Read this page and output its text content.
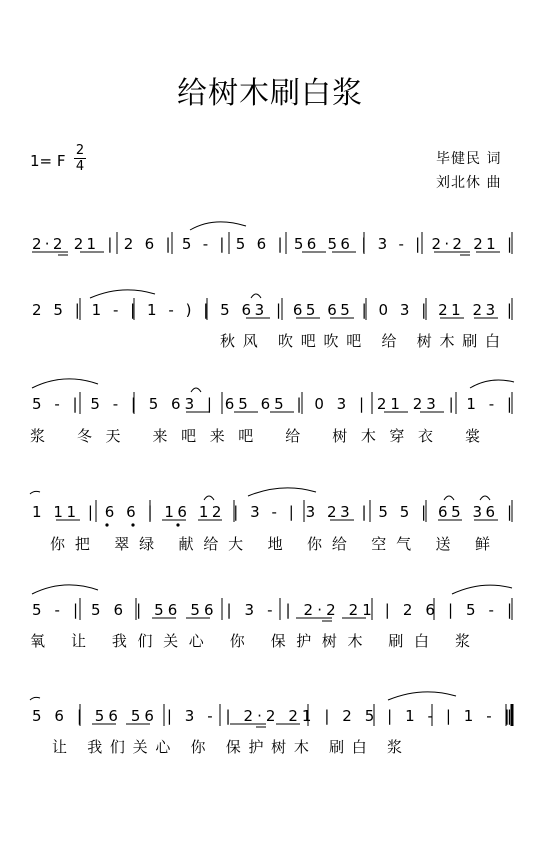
给树木刷白浆
1= F
2
4	毕健民 词
刘北休 曲
2·2 21 | 2 6 | 5 - | 5 6 | 56 56 | 3 - | 2·2 21 |
2 5 | 1 - | 1 - ) | 5 63 | 65 65 | 0 3 | 21 23 |
秋风 吹吧吹吧 给 树木刷白
5 - | 5 - | 5 63 | 65 65 | 0 3 | 21 23 | 1 - |
浆 冬天 来吧来吧 给 树木穿衣 裳
1 11 | 6 6 | 16 12 | 3 - | 3 23 | 5 5 | 65 36 |
你把 翠绿 献给大 地 你给 空气 送 鲜
5 - | 5 6 | 56 56 | 3 - | 2·2 21 | 2 6 | 5 - |
氧 让 我们关心 你 保护树木 刷白 浆
5 6 | 56 56 | 3 - | 2·2 21 | 2 5 | 1 - | 1 - ‖
让 我们关心 你 保护树木 刷白 浆
